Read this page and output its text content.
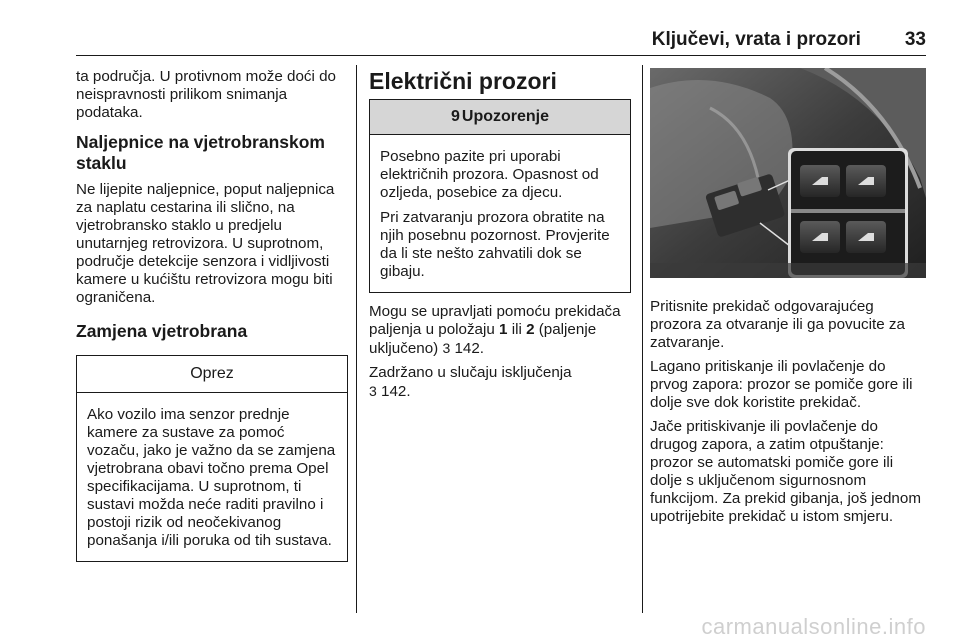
Ključevi, vrata i prozori 33

ta područja. U protivnom može doći do neispravnosti prilikom snimanja podataka.

Naljepnice na vjetrobranskom staklu

Ne lijepite naljepnice, poput naljepnica za naplatu cestarina ili slično, na vjetrobransko staklo u predjelu unutarnjeg retrovizora. U suprotnom, područje detekcije senzora i vidljivosti kamere u kućištu retrovizora mogu biti ograničena.

Zamjena vjetrobrana
Oprez

Ako vozilo ima senzor prednje kamere za sustave za pomoć vozaču, jako je važno da se zamjena vjetrobrana obavi točno prema Opel specifikacijama. U suprotnom, ti sustavi možda neće raditi pravilno i postoji rizik od neočekivanog ponašanja i/ili poruka od tih sustava.

Električni prozori
9 Upozorenje

Posebno pazite pri uporabi električnih prozora. Opasnost od ozljeda, posebice za djecu.

Pri zatvaranju prozora obratite na njih posebnu pozornost. Provjerite da li ste nešto zahvatili dok se gibaju.

Mogu se upravljati pomoću prekidača paljenja u položaju 1 ili 2 (paljenje uključeno) 3 142.

Zadržano u slučaju isključenja
3 142.

Pritisnite prekidač odgovarajućeg prozora za otvaranje ili ga povucite za zatvaranje.

Lagano pritiskanje ili povlačenje do prvog zapora: prozor se pomiče gore ili dolje sve dok koristite prekidač.

Jače pritiskivanje ili povlačenje do drugog zapora, a zatim otpuštanje: prozor se automatski pomiče gore ili dolje s uključenom sigurnosnom funkcijom. Za prekid gibanja, još jednom upotrijebite prekidač u istom smjeru.

carmanualsonline.info
